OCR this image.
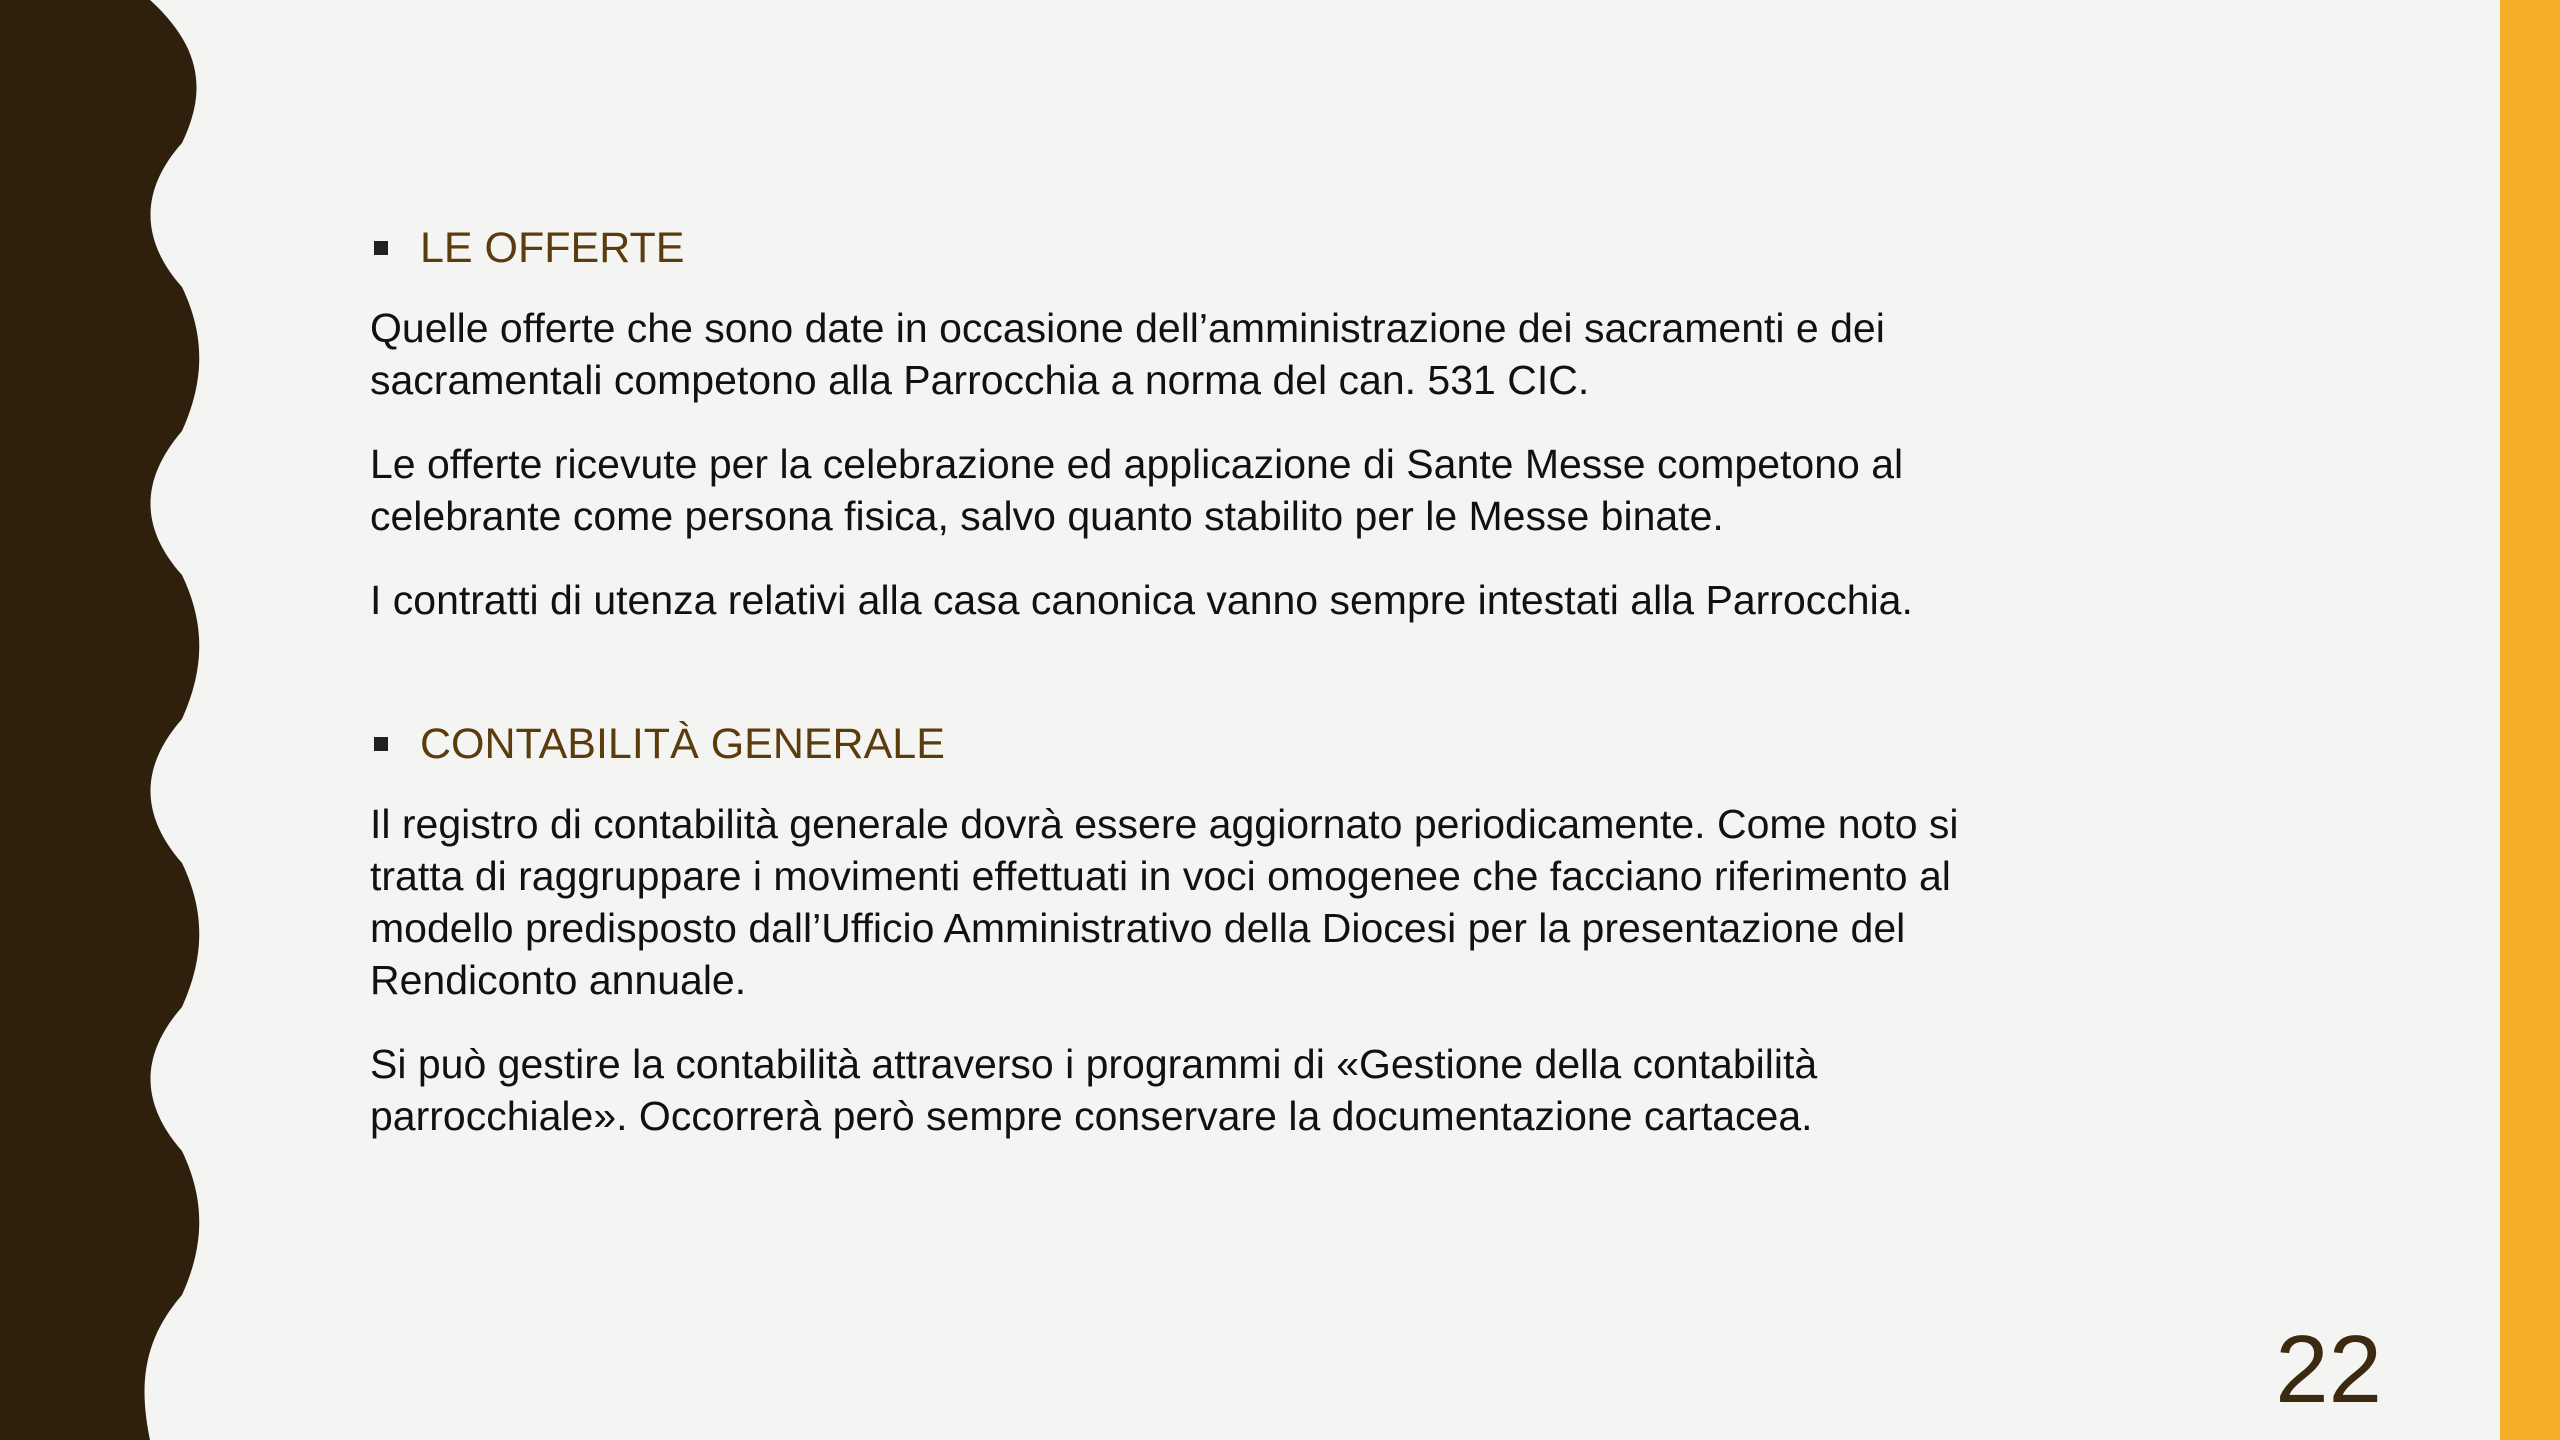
LE OFFERTE

Quelle offerte che sono date in occasione dell’amministrazione dei sacramenti e dei sacramentali competono alla Parrocchia a norma del can. 531 CIC.

Le offerte ricevute per la celebrazione ed applicazione di Sante Messe competono al celebrante come persona fisica, salvo quanto stabilito per le Messe binate.

I contratti di utenza relativi alla casa canonica vanno sempre intestati alla Parrocchia.

CONTABILITÀ GENERALE

Il registro di contabilità generale dovrà essere aggiornato periodicamente. Come noto si tratta di raggruppare i movimenti effettuati in voci omogenee che facciano riferimento al modello predisposto dall’Ufficio Amministrativo della Diocesi per la presentazione del Rendiconto annuale.

Si può gestire la contabilità attraverso i programmi di «Gestione della contabilità parrocchiale». Occorrerà però sempre conservare la documentazione cartacea.

22
